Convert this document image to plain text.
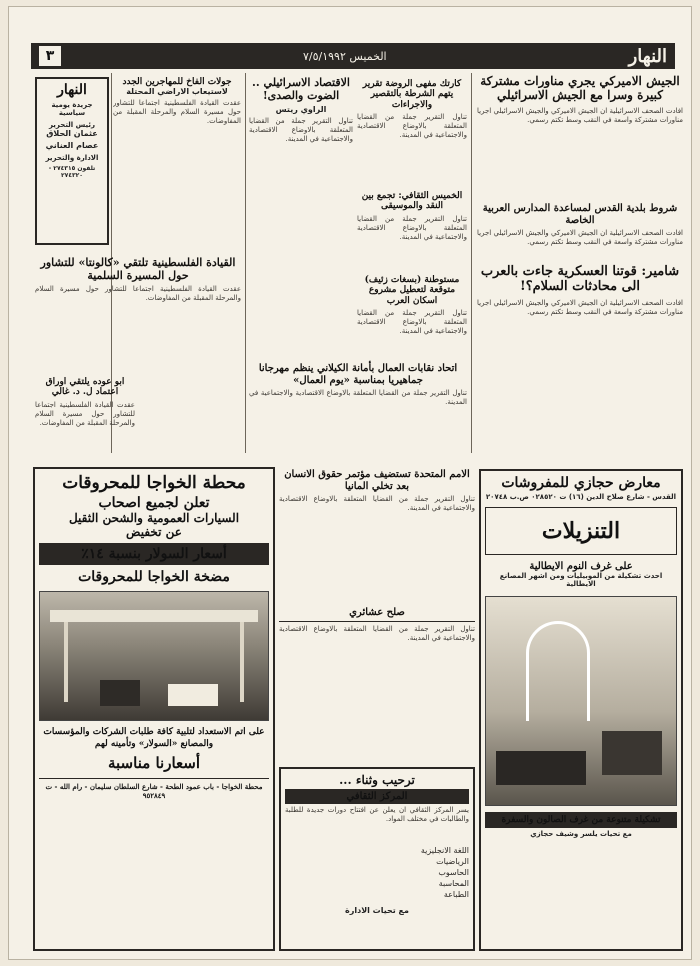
النهار
الخميس ٧/٥/١٩٩٢
٣
الجيش الاميركي يجري مناورات مشتركة كبيرة وسرا مع الجيش الاسرائيلي
افادت الصحف الاسرائيلية ان الجيش الاميركي والجيش الاسرائيلي اجريا مناورات مشتركة واسعة في النقب وسط تكتم رسمي.
شروط بلدية القدس لمساعدة المدارس العربية الخاصة
افادت الصحف الاسرائيلية ان الجيش الاميركي والجيش الاسرائيلي اجريا مناورات مشتركة واسعة في النقب وسط تكتم رسمي.
شامير: قوتنا العسكرية جاءت بالعرب الى محادثات السلام؟!
افادت الصحف الاسرائيلية ان الجيش الاميركي والجيش الاسرائيلي اجريا مناورات مشتركة واسعة في النقب وسط تكتم رسمي.
كارتك مفهى الروضة تقرير يتهم الشرطة بالتقصير والاجراءات
تناول التقرير جملة من القضايا المتعلقة بالاوضاع الاقتصادية والاجتماعية في المدينة.
الخميس الثقافي: تجمع بين النقد والموسيقى
تناول التقرير جملة من القضايا المتعلقة بالاوضاع الاقتصادية والاجتماعية في المدينة.
مستوطنة (بسغات زئيف) متوقعة لتعطيل مشروع اسكان العرب
تناول التقرير جملة من القضايا المتعلقة بالاوضاع الاقتصادية والاجتماعية في المدينة.
الاقتصاد الاسرائيلي .. الضوت والصدى!
الراوي ريتس
تناول التقرير جملة من القضايا المتعلقة بالاوضاع الاقتصادية والاجتماعية في المدينة.
اتحاد نقابات العمال بأمانة الكيلاني ينظم مهرجانا جماهيريا بمناسبة «يوم العمال»
تناول التقرير جملة من القضايا المتعلقة بالاوضاع الاقتصادية والاجتماعية في المدينة.
جولات الفاخ للمهاجرين الجدد
لاستيعاب الاراضي المحتلة
عقدت القيادة الفلسطينية اجتماعا للتشاور حول مسيرة السلام والمرحلة المقبلة من المفاوضات.
النهار
جريدة يومية سياسية
رئيس التحرير
عثمان الحلاق
عصام العناني
الادارة والتحرير
تلفون ٢٧٤٣١٥ - ٢٧٤٣٢٠
القيادة الفلسطينية تلتقي «كالونتا» للتشاور حول المسيرة السلمية
عقدت القيادة الفلسطينية اجتماعا للتشاور حول مسيرة السلام والمرحلة المقبلة من المفاوضات.
ابو عوده يلتقي اوراق اعتماد ل. د. غالي
عقدت القيادة الفلسطينية اجتماعا للتشاور حول مسيرة السلام والمرحلة المقبلة من المفاوضات.
محطة الخواجا للمحروقات
تعلن لجميع اصحاب
السيارات العمومية والشحن الثقيل
عن تخفيض
أسعار السولار بنسبة ١٤٪
مضخة الخواجا للمحروقات
على اتم الاستعداد لتلبية كافة طلبات الشركات والمؤسسات والمصانع «السولار» وتأمينه لهم
أسعارنا مناسبة
محطة الخواجا - باب عمود الطحة - شارع السلطان سليمان - رام الله - ت ٩٥٢٨٤٩
ترحيب وثناء ...
المركز الثقافي
يسر المركز الثقافي ان يعلن عن افتتاح دورات جديدة للطلبة والطالبات في مختلف المواد.
اللغة الانجليزية
الرياضيات
الحاسوب
المحاسبة
الطباعة
مع تحيات الادارة
صلح عشائري
تناول التقرير جملة من القضايا المتعلقة بالاوضاع الاقتصادية والاجتماعية في المدينة.
الامم المتحدة تستضيف مؤتمر حقوق الانسان بعد تخلي المانيا
تناول التقرير جملة من القضايا المتعلقة بالاوضاع الاقتصادية والاجتماعية في المدينة.
معارض حجازي للمفروشات
القدس - شارع صلاح الدين (١٦) ت ٠٢٨٥٢٠ ص.ب ٢٠٧٤٨
التنزيلات
على غرف النوم الايطالية
احدث تشكيلة من الموبيليات ومن اشهر المصانع الايطالية
تشكيلة متنوعة من غرف الصالون والسفرة
مع تحيات يلسر وشيف حجازي
